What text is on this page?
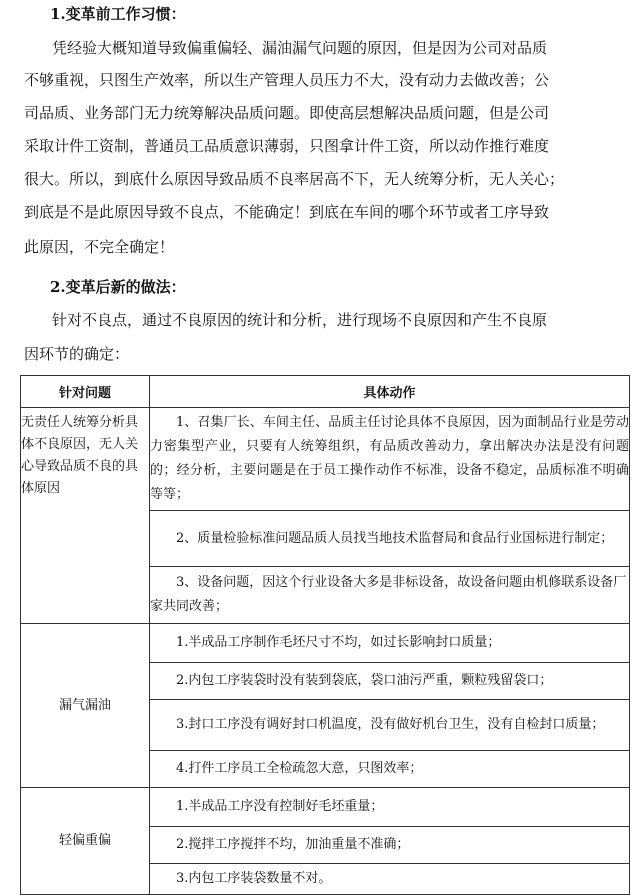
1.变革前工作习惯：
凭经验大概知道导致偏重偏轻、漏油漏气问题的原因，但是因为公司对品质
不够重视，只图生产效率，所以生产管理人员压力不大，没有动力去做改善；公
司品质、业务部门无力统筹解决品质问题。即使高层想解决品质问题，但是公司
采取计件工资制，普通员工品质意识薄弱，只图拿计件工资，所以动作推行难度
很大。所以，到底什么原因导致品质不良率居高不下，无人统筹分析，无人关心；
到底是不是此原因导致不良点，不能确定！到底在车间的哪个环节或者工序导致
此原因，不完全确定！
2.变革后新的做法：
针对不良点，通过不良原因的统计和分析，进行现场不良原因和产生不良原
因环节的确定：
针对问题	具体动作
无责任人统筹分析具体不良原因，无人关心导致品质不良的具体原因	1、召集厂长、车间主任、品质主任讨论具体不良原因，因为面制品行业是劳动力密集型产业，只要有人统筹组织，有品质改善动力，拿出解决办法是没有问题的；经分析，主要问题是在于员工操作动作不标准，设备不稳定，品质标准不明确等等；
	2、质量检验标准问题品质人员找当地技术监督局和食品行业国标进行制定；
	3、设备问题，因这个行业设备大多是非标设备，故设备问题由机修联系设备厂家共同改善；
漏气漏油	1.半成品工序制作毛坯尺寸不均，如过长影响封口质量；
	2.内包工序装袋时没有装到袋底，袋口油污严重，颗粒残留袋口；
	3.封口工序没有调好封口机温度，没有做好机台卫生，没有自检封口质量；
	4.打件工序员工全检疏忽大意，只图效率；
轻偏重偏	1.半成品工序没有控制好毛坯重量；
	2.搅拌工序搅拌不均，加油重量不准确；
	3.内包工序装袋数量不对。
